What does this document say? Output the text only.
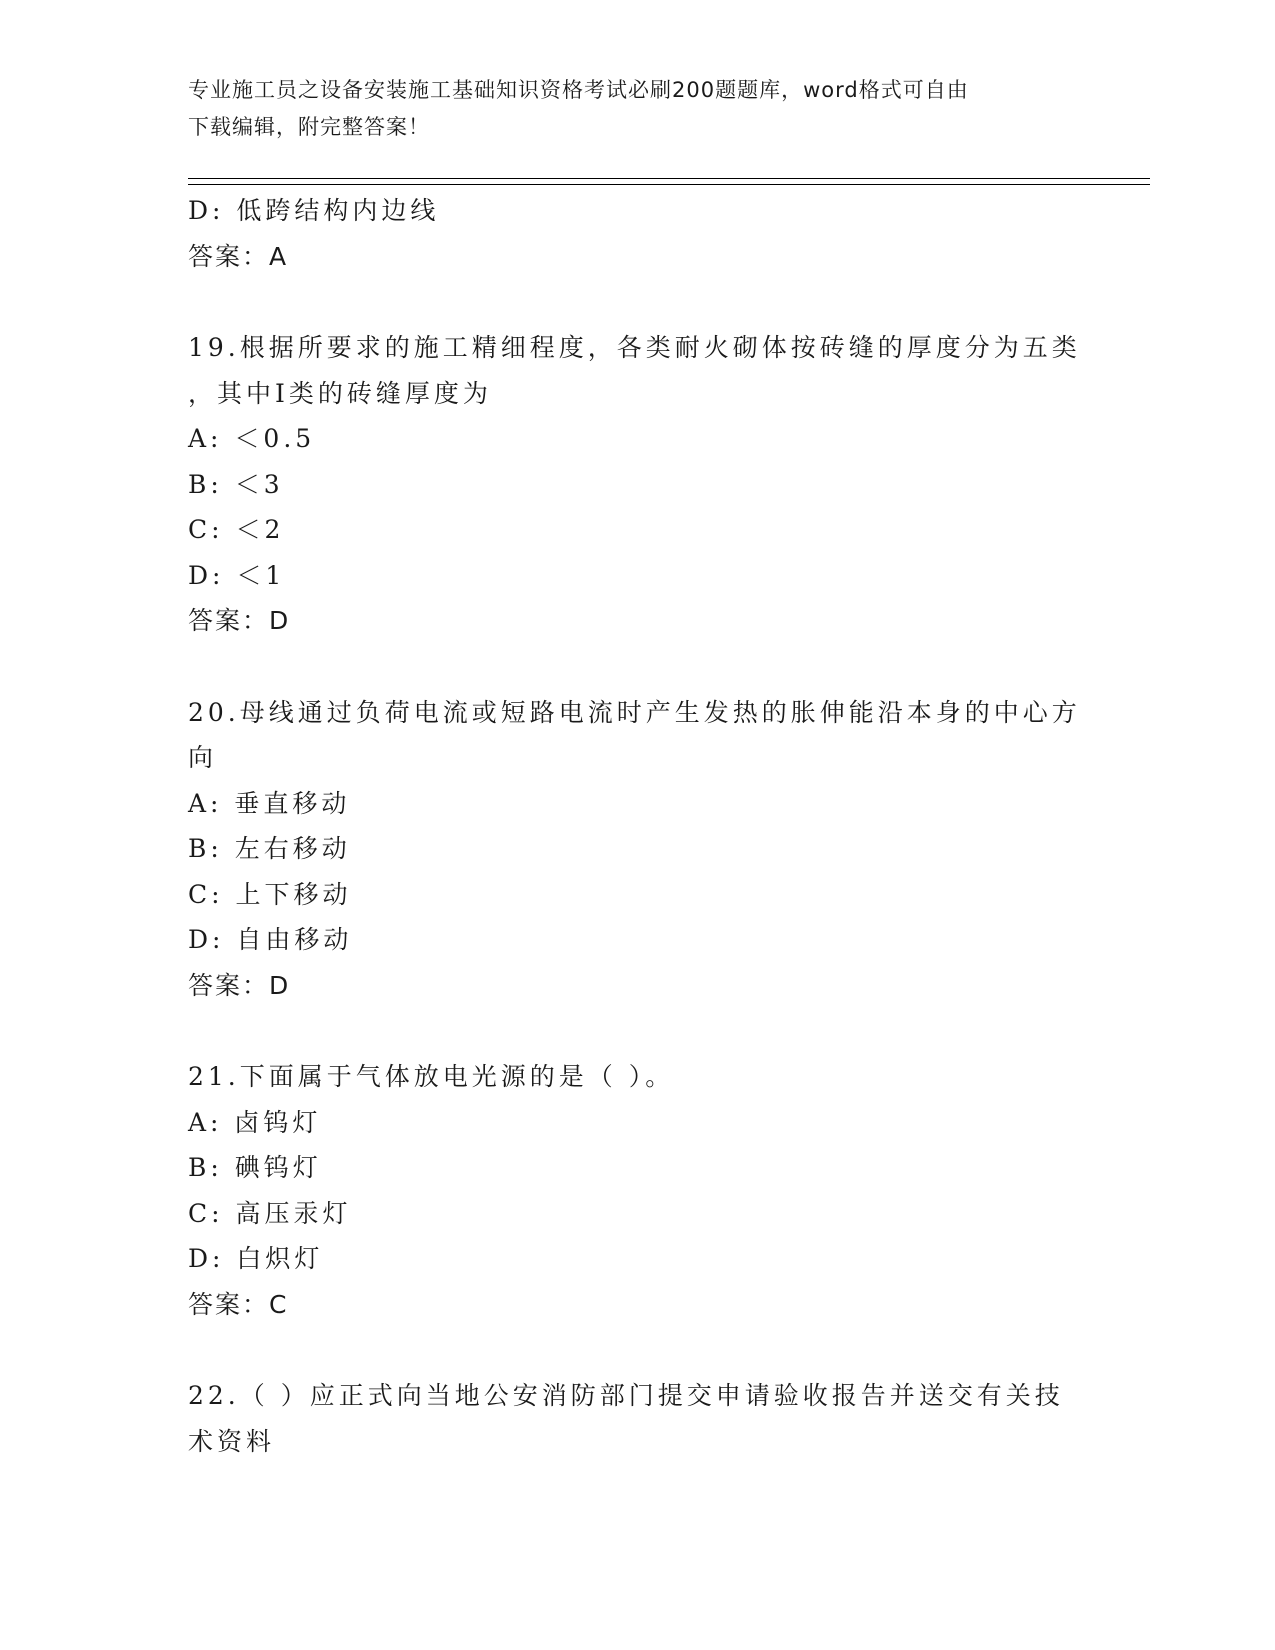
专业施工员之设备安装施工基础知识资格考试必刷200题题库，word格式可自由
下载编辑，附完整答案！
D: 低跨结构内边线
答案：A
19.根据所要求的施工精细程度，各类耐火砌体按砖缝的厚度分为五类
，其中Ⅰ类的砖缝厚度为
A: ＜0.5
B: ＜3
C: ＜2
D: ＜1
答案：D
20.母线通过负荷电流或短路电流时产生发热的胀伸能沿本身的中心方
向
A: 垂直移动
B: 左右移动
C: 上下移动
D: 自由移动
答案：D
21.下面属于气体放电光源的是（ ）。
A: 卤钨灯
B: 碘钨灯
C: 高压汞灯
D: 白炽灯
答案：C
22.（ ）应正式向当地公安消防部门提交申请验收报告并送交有关技
术资料
